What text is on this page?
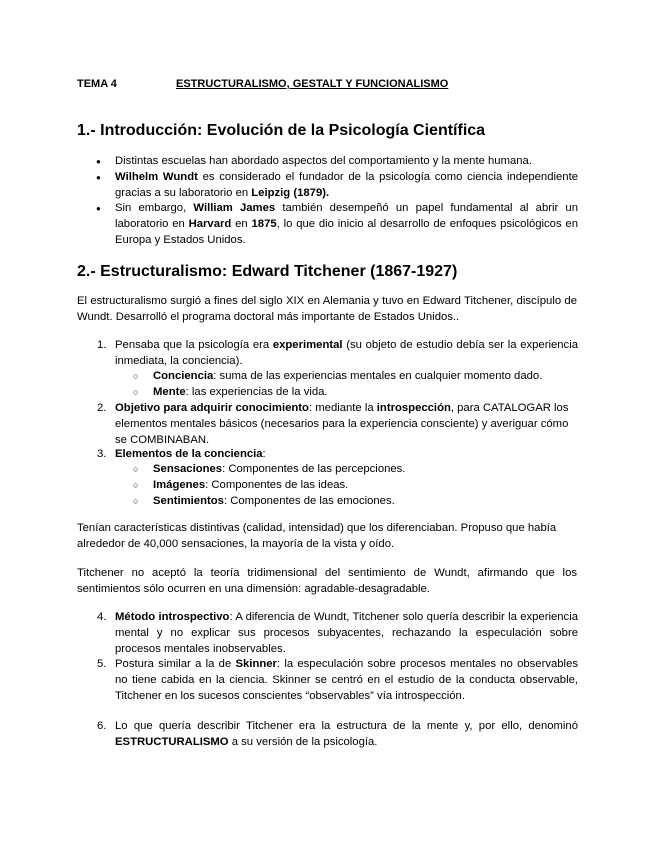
TEMA 4	ESTRUCTURALISMO, GESTALT Y FUNCIONALISMO
1.- Introducción: Evolución de la Psicología Científica
● Distintas escuelas han abordado aspectos del comportamiento y la mente humana.
● Wilhelm Wundt es considerado el fundador de la psicología como ciencia independiente gracias a su laboratorio en Leipzig (1879).
● Sin embargo, William James también desempeñó un papel fundamental al abrir un laboratorio en Harvard en 1875, lo que dio inicio al desarrollo de enfoques psicológicos en Europa y Estados Unidos.
2.- Estructuralismo: Edward Titchener (1867-1927)
El estructuralismo surgió a fines del siglo XIX en Alemania y tuvo en Edward Titchener, discípulo de Wundt. Desarrolló el programa doctoral más importante de Estados Unidos..
1. Pensaba que la psicología era experimental (su objeto de estudio debía ser la experiencia inmediata, la conciencia).
○ Conciencia: suma de las experiencias mentales en cualquier momento dado.
○ Mente: las experiencias de la vida.
2. Objetivo para adquirir conocimiento: mediante la introspección, para CATALOGAR los elementos mentales básicos (necesarios para la experiencia consciente) y averiguar cómo se COMBINABAN.
3. Elementos de la conciencia:
○ Sensaciones: Componentes de las percepciones.
○ Imágenes: Componentes de las ideas.
○ Sentimientos: Componentes de las emociones.
Tenían características distintivas (calidad, intensidad) que los diferenciaban. Propuso que había alrededor de 40,000 sensaciones, la mayoría de la vista y oído.
Titchener no aceptó la teoría tridimensional del sentimiento de Wundt, afirmando que los sentimientos sólo ocurren en una dimensión: agradable-desagradable.
4. Método introspectivo: A diferencia de Wundt, Titchener solo quería describir la experiencia mental y no explicar sus procesos subyacentes, rechazando la especulación sobre procesos mentales inobservables.
5. Postura similar a la de Skinner: la especulación sobre procesos mentales no observables no tiene cabida en la ciencia. Skinner se centró en el estudio de la conducta observable, Titchener en los sucesos conscientes “observables” vía introspección.
6. Lo que quería describir Titchener era la estructura de la mente y, por ello, denominó ESTRUCTURALISMO a su versión de la psicología.
